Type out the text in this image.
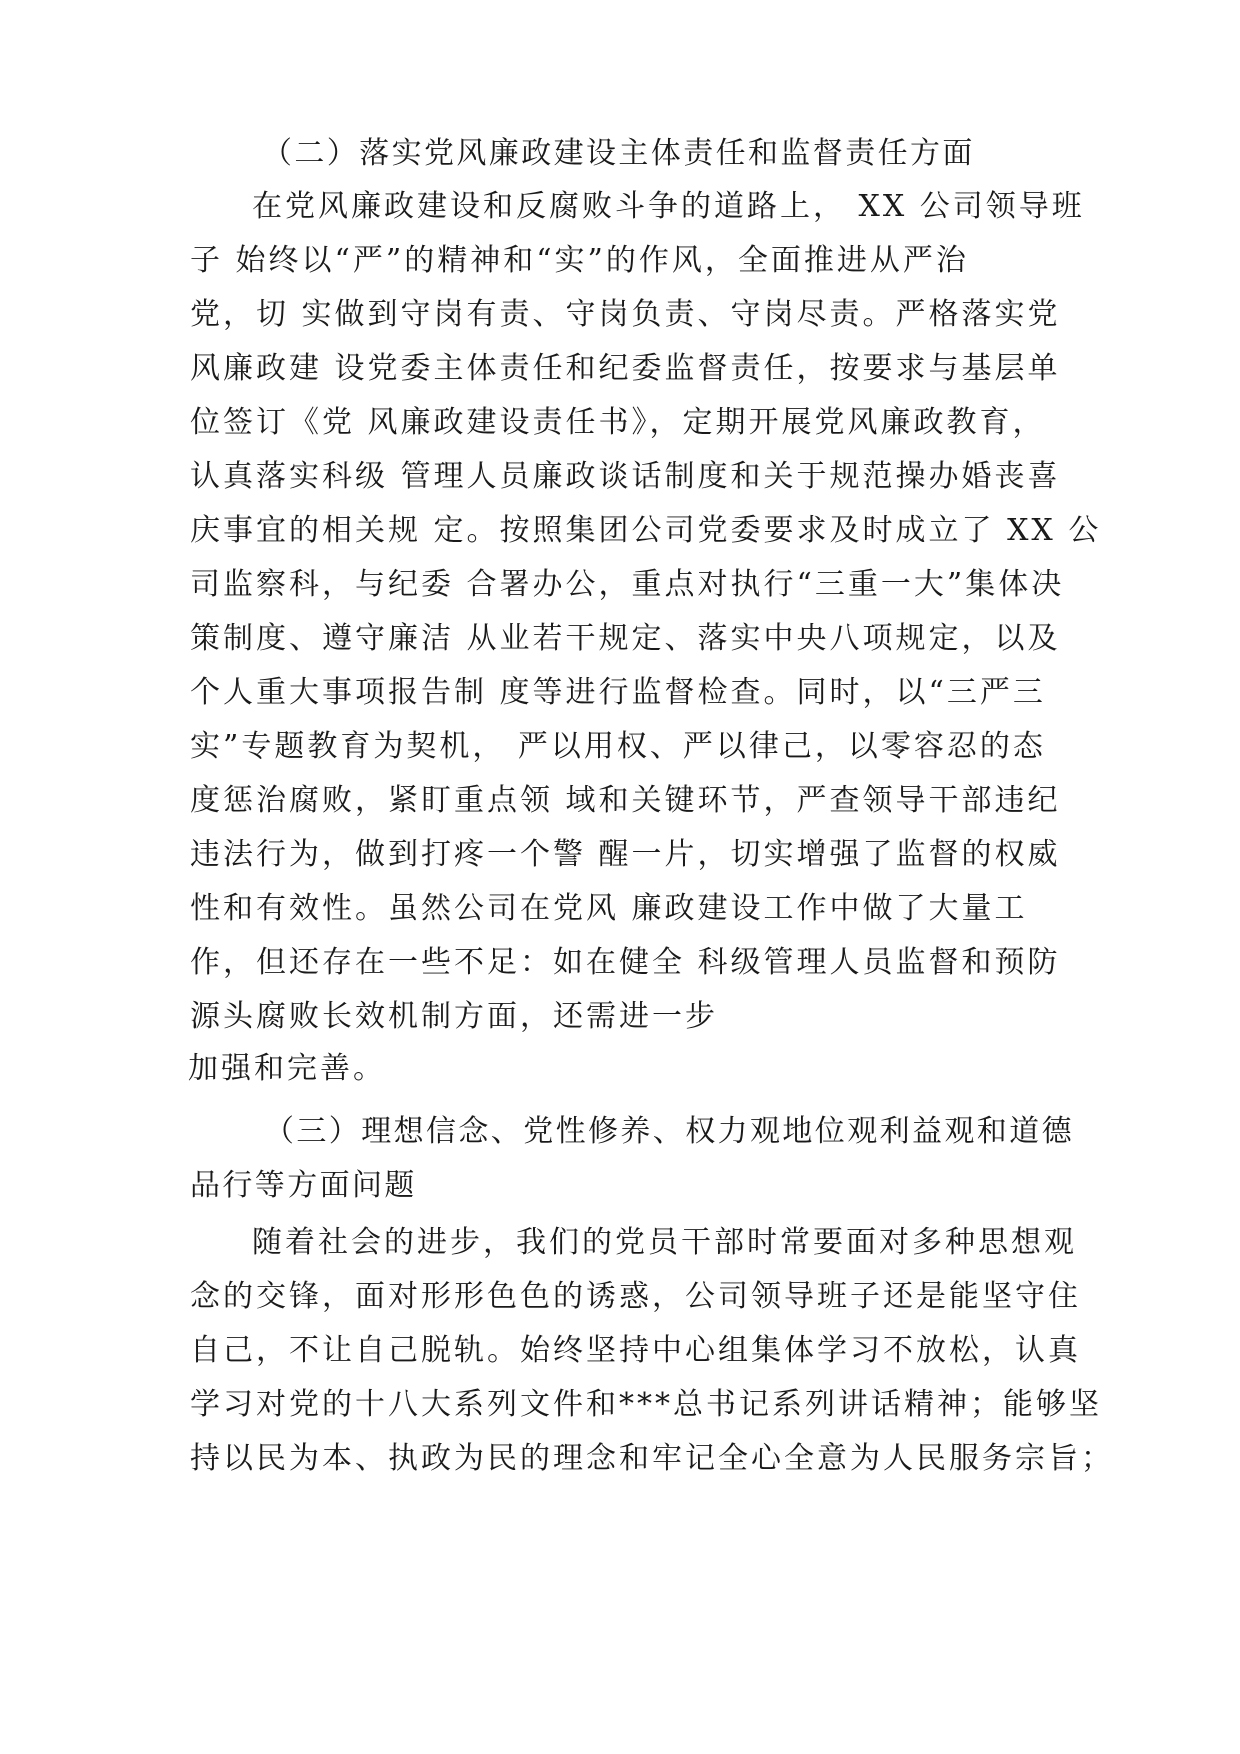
（二）落实党风廉政建设主体责任和监督责任方面
在党风廉政建设和反腐败斗争的道路上， XX 公司领导班
子 始终以“严”的精神和“实”的作风，全面推进从严治
党，切 实做到守岗有责、守岗负责、守岗尽责。严格落实党
风廉政建 设党委主体责任和纪委监督责任，按要求与基层单
位签订《党 风廉政建设责任书》，定期开展党风廉政教育，
认真落实科级 管理人员廉政谈话制度和关于规范操办婚丧喜
庆事宜的相关规 定。按照集团公司党委要求及时成立了 XX 公
司监察科，与纪委 合署办公，重点对执行“三重一大”集体决
策制度、遵守廉洁 从业若干规定、落实中央八项规定，以及
个人重大事项报告制 度等进行监督检查。同时，以“三严三
实”专题教育为契机， 严以用权、严以律己，以零容忍的态
度惩治腐败，紧盯重点领 域和关键环节，严查领导干部违纪
违法行为，做到打疼一个警 醒一片，切实增强了监督的权威
性和有效性。虽然公司在党风 廉政建设工作中做了大量工
作，但还存在一些不足：如在健全 科级管理人员监督和预防
源头腐败长效机制方面，还需进一步
加强和完善。
（三）理想信念、党性修养、权力观地位观利益观和道德
品行等方面问题
随着社会的进步，我们的党员干部时常要面对多种思想观
念的交锋，面对形形色色的诱惑，公司领导班子还是能坚守住
自己，不让自己脱轨。始终坚持中心组集体学习不放松，认真
学习对党的十八大系列文件和***总书记系列讲话精神；能够坚
持以民为本、执政为民的理念和牢记全心全意为人民服务宗旨；
